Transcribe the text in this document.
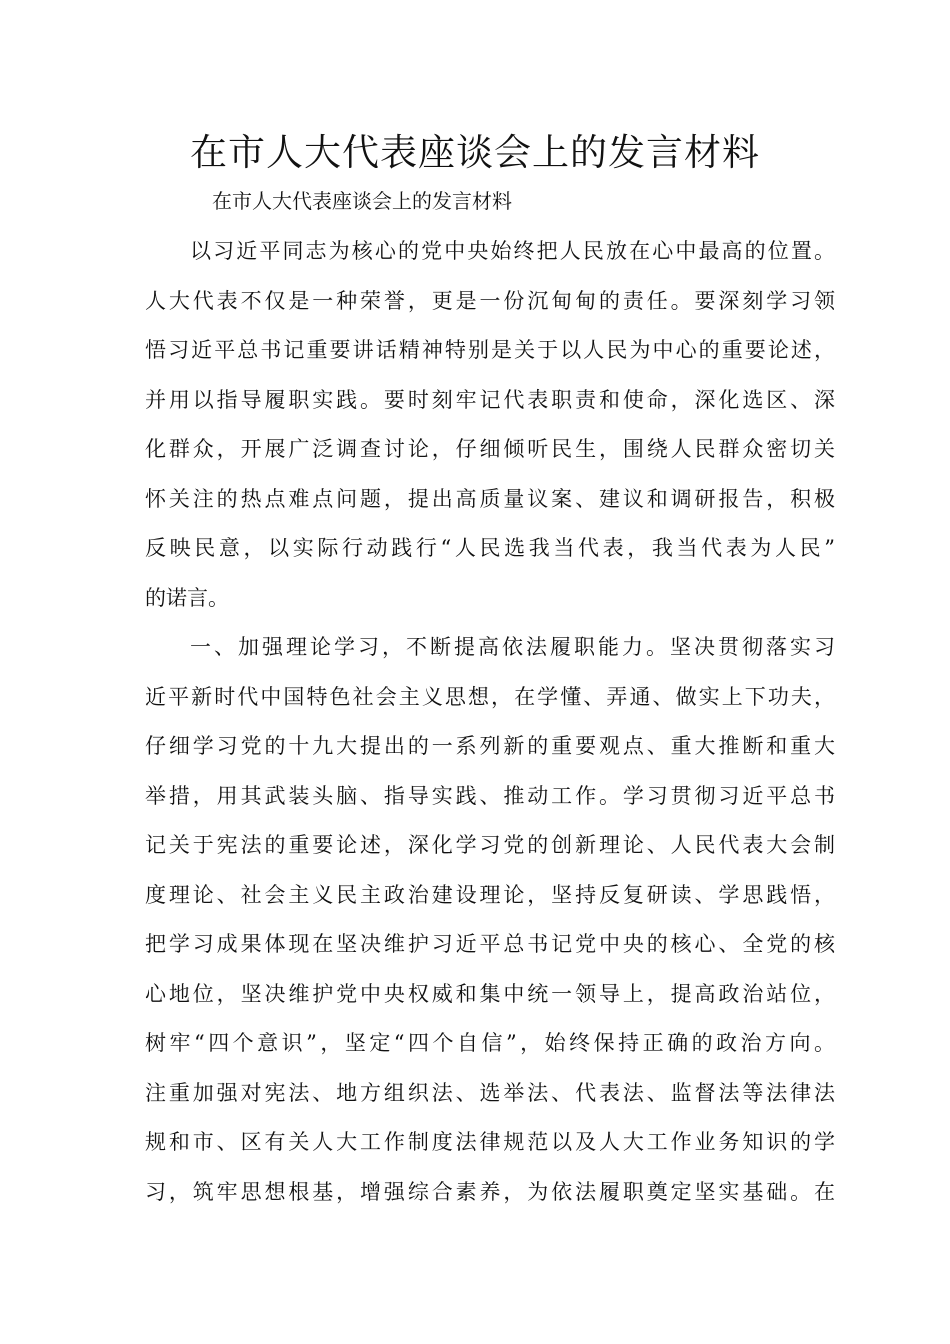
在市人大代表座谈会上的发言材料
在市人大代表座谈会上的发言材料
以习近平同志为核心的党中央始终把人民放在心中最高的位置。
人大代表不仅是一种荣誉，更是一份沉甸甸的责任。要深刻学习领
悟习近平总书记重要讲话精神特别是关于以人民为中心的重要论述，
并用以指导履职实践。要时刻牢记代表职责和使命，深化选区、深
化群众，开展广泛调查讨论，仔细倾听民生，围绕人民群众密切关
怀关注的热点难点问题，提出高质量议案、建议和调研报告，积极
反映民意，以实际行动践行“人民选我当代表，我当代表为人民”
的诺言。
一、加强理论学习，不断提高依法履职能力。坚决贯彻落实习
近平新时代中国特色社会主义思想，在学懂、弄通、做实上下功夫，
仔细学习党的十九大提出的一系列新的重要观点、重大推断和重大
举措，用其武装头脑、指导实践、推动工作。学习贯彻习近平总书
记关于宪法的重要论述，深化学习党的创新理论、人民代表大会制
度理论、社会主义民主政治建设理论，坚持反复研读、学思践悟，
把学习成果体现在坚决维护习近平总书记党中央的核心、全党的核
心地位，坚决维护党中央权威和集中统一领导上，提高政治站位，
树牢“四个意识”，坚定“四个自信”，始终保持正确的政治方向。
注重加强对宪法、地方组织法、选举法、代表法、监督法等法律法
规和市、区有关人大工作制度法律规范以及人大工作业务知识的学
习，筑牢思想根基，增强综合素养，为依法履职奠定坚实基础。在
